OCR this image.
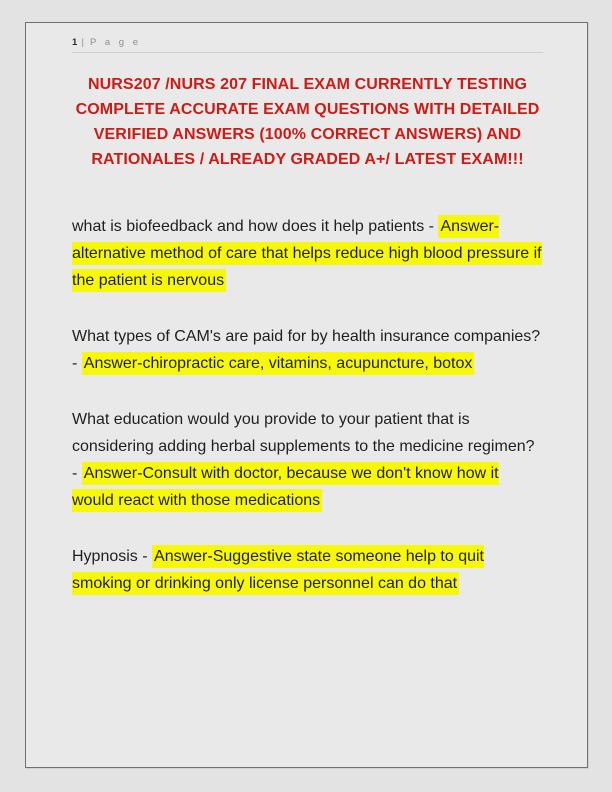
1 | P a g e
NURS207 /NURS 207 FINAL EXAM CURRENTLY TESTING COMPLETE ACCURATE EXAM QUESTIONS WITH DETAILED VERIFIED ANSWERS (100% CORRECT ANSWERS) AND RATIONALES / ALREADY GRADED A+/ LATEST EXAM!!!

what is biofeedback and how does it help patients - Answer-alternative method of care that helps reduce high blood pressure if the patient is nervous

What types of CAM's are paid for by health insurance companies? - Answer-chiropractic care, vitamins, acupuncture, botox

What education would you provide to your patient that is considering adding herbal supplements to the medicine regimen? - Answer-Consult with doctor, because we don't know how it would react with those medications

Hypnosis - Answer-Suggestive state someone help to quit smoking or drinking only license personnel can do that
